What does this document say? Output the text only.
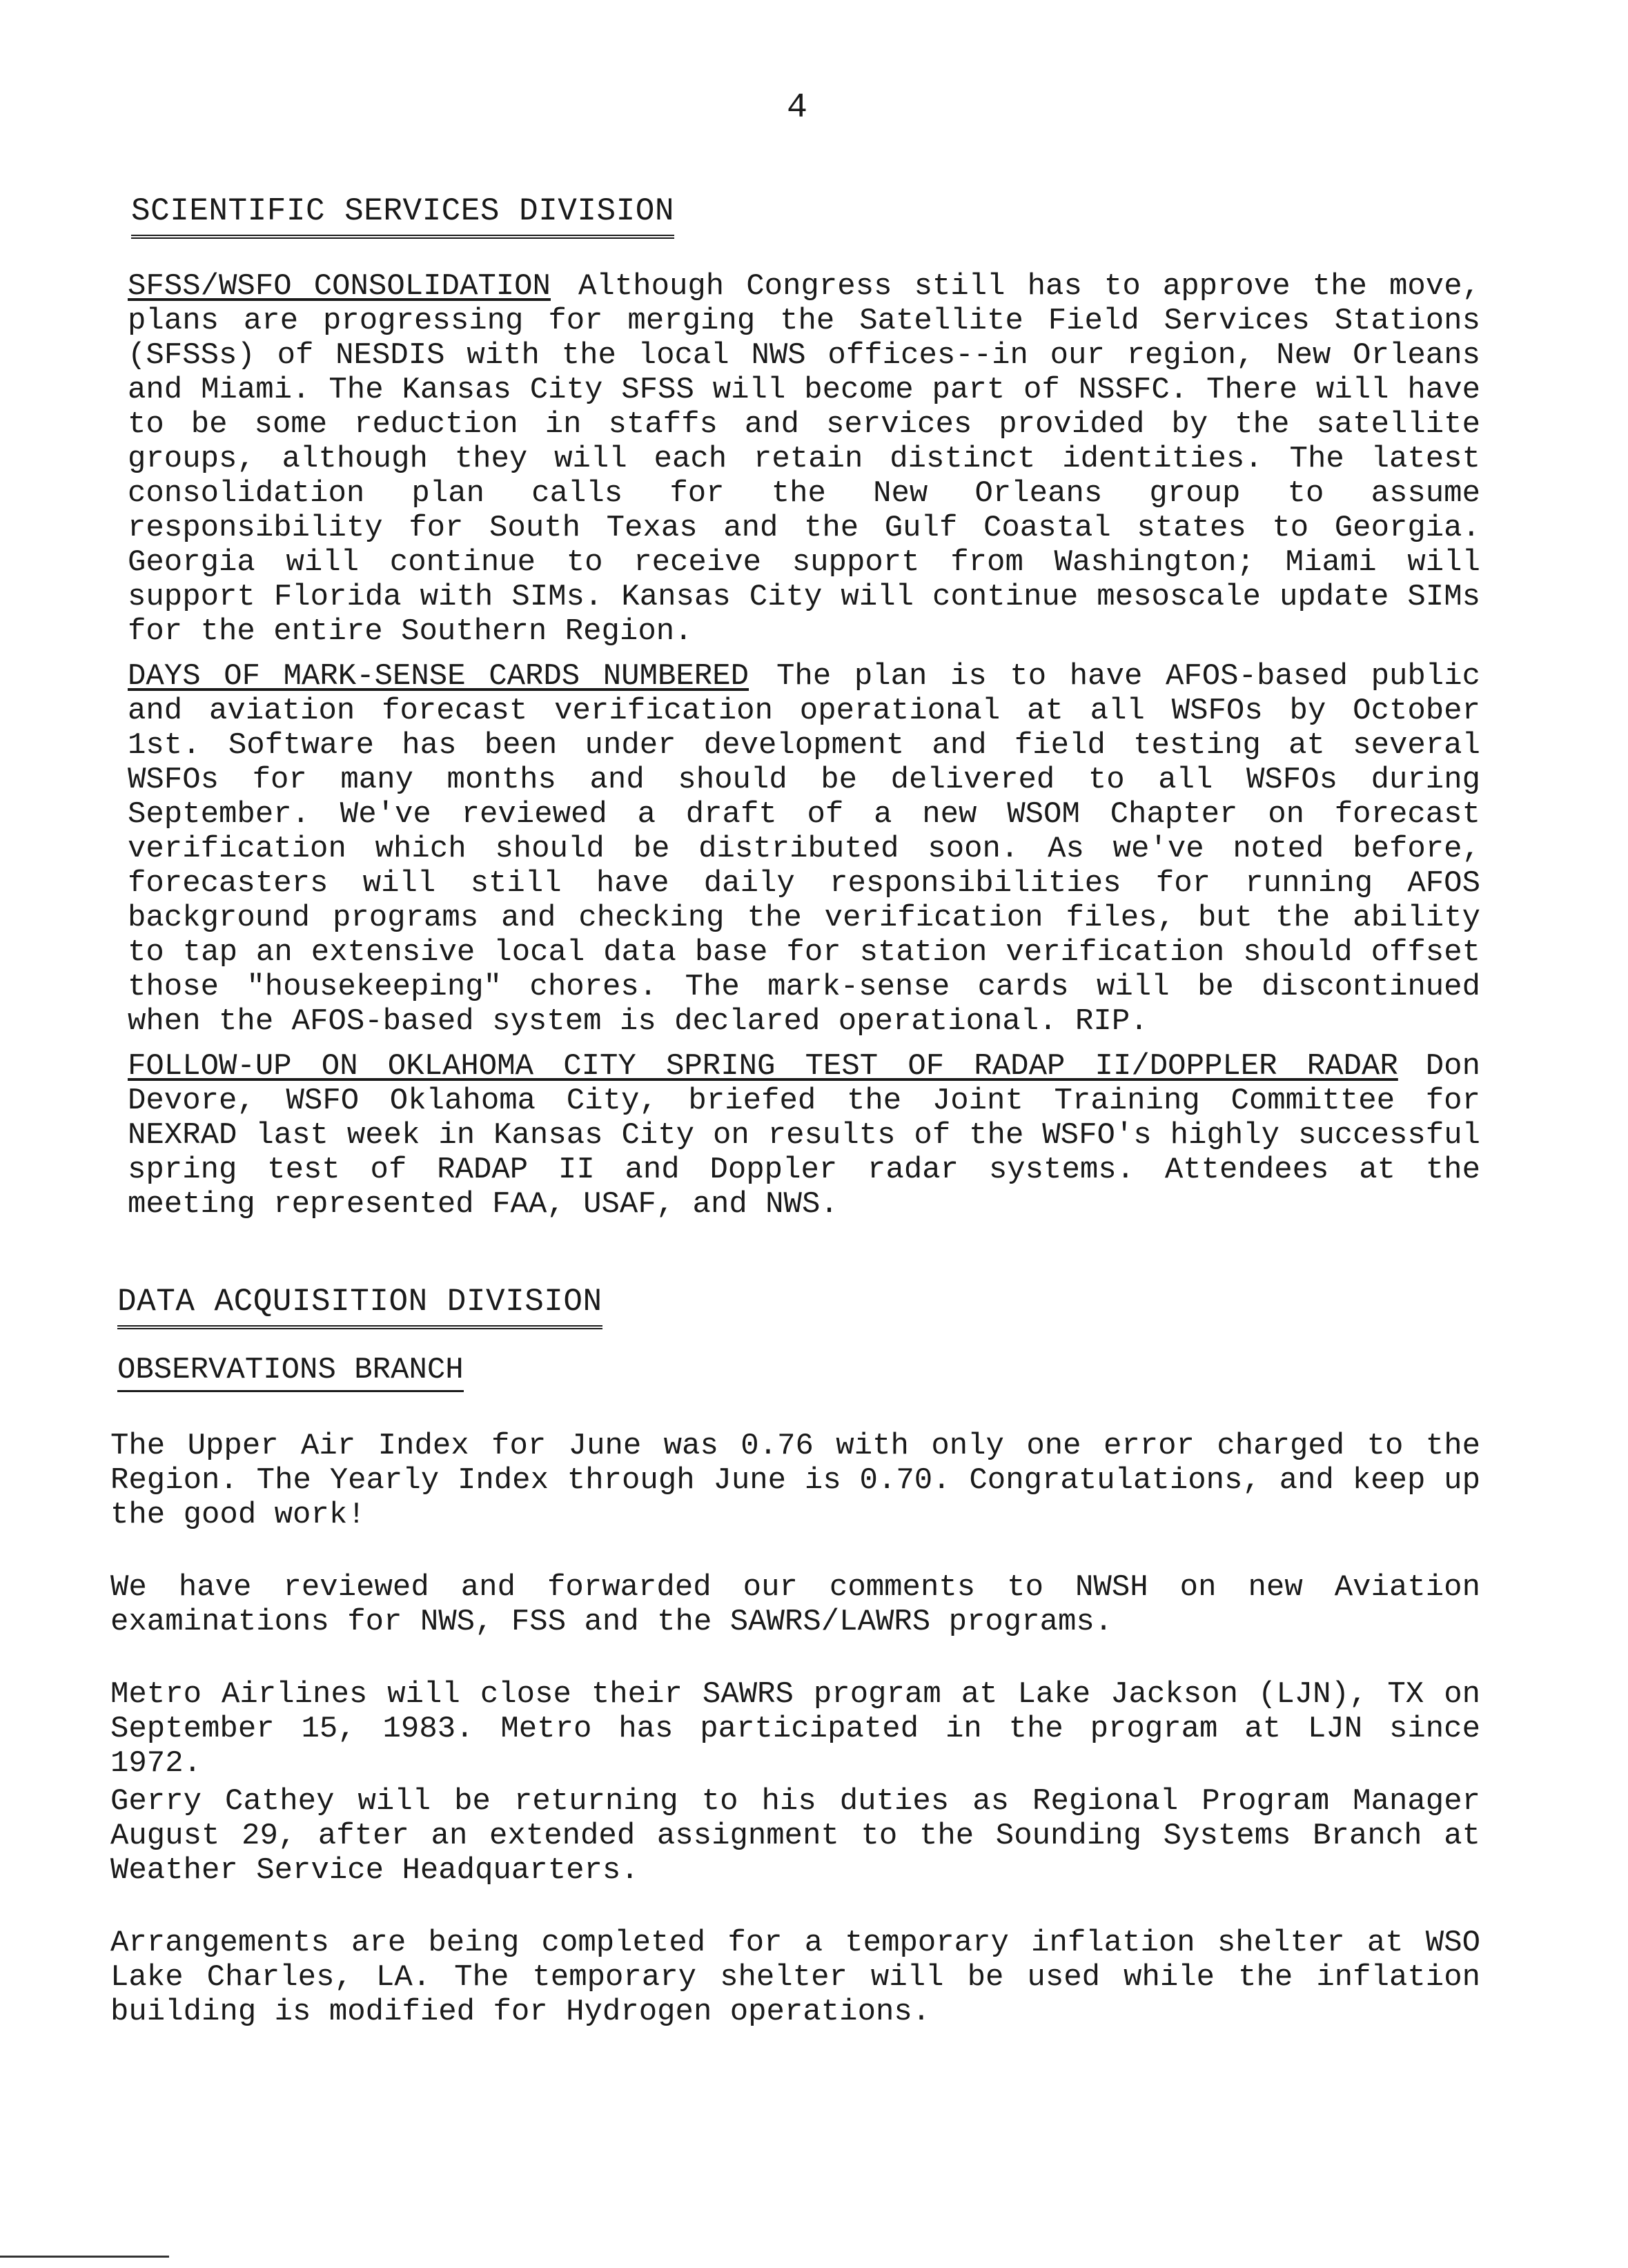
4
SCIENTIFIC SERVICES DIVISION

SFSS/WSFO CONSOLIDATION Although Congress still has to approve the move, plans are progressing for merging the Satellite Field Services Stations (SFSSs) of NESDIS with the local NWS offices--in our region, New Orleans and Miami. The Kansas City SFSS will become part of NSSFC. There will have to be some reduction in staffs and services provided by the satellite groups, although they will each retain distinct identities. The latest consolidation plan calls for the New Orleans group to assume responsibility for South Texas and the Gulf Coastal states to Georgia. Georgia will continue to receive support from Washington; Miami will support Florida with SIMs. Kansas City will continue mesoscale update SIMs for the entire Southern Region.

DAYS OF MARK-SENSE CARDS NUMBERED The plan is to have AFOS-based public and aviation forecast verification operational at all WSFOs by October 1st. Software has been under development and field testing at several WSFOs for many months and should be delivered to all WSFOs during September. We've reviewed a draft of a new WSOM Chapter on forecast verification which should be distributed soon. As we've noted before, forecasters will still have daily responsibilities for running AFOS background programs and checking the verification files, but the ability to tap an extensive local data base for station verification should offset those "housekeeping" chores. The mark-sense cards will be discontinued when the AFOS-based system is declared operational. RIP.

FOLLOW-UP ON OKLAHOMA CITY SPRING TEST OF RADAP II/DOPPLER RADAR Don Devore, WSFO Oklahoma City, briefed the Joint Training Committee for NEXRAD last week in Kansas City on results of the WSFO's highly successful spring test of RADAP II and Doppler radar systems. Attendees at the meeting represented FAA, USAF, and NWS.

DATA ACQUISITION DIVISION
OBSERVATIONS BRANCH

The Upper Air Index for June was 0.76 with only one error charged to the Region. The Yearly Index through June is 0.70. Congratulations, and keep up the good work!

We have reviewed and forwarded our comments to NWSH on new Aviation examinations for NWS, FSS and the SAWRS/LAWRS programs.

Metro Airlines will close their SAWRS program at Lake Jackson (LJN), TX on September 15, 1983. Metro has participated in the program at LJN since 1972.

Gerry Cathey will be returning to his duties as Regional Program Manager August 29, after an extended assignment to the Sounding Systems Branch at Weather Service Headquarters.

Arrangements are being completed for a temporary inflation shelter at WSO Lake Charles, LA. The temporary shelter will be used while the inflation building is modified for Hydrogen operations.
